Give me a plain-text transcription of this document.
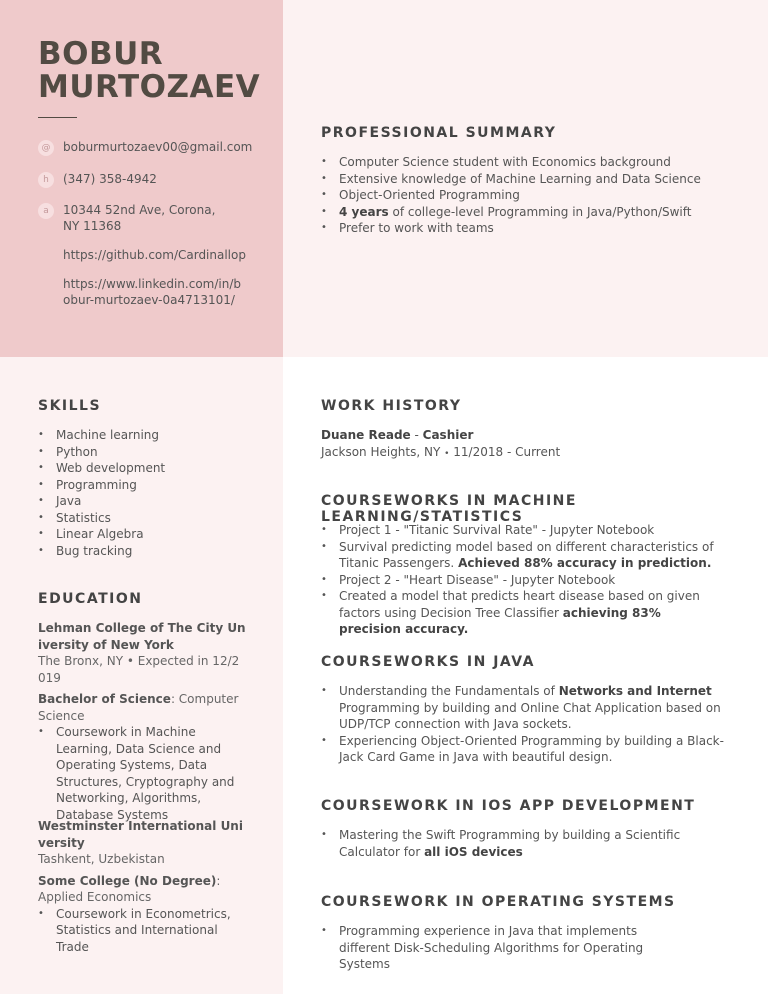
BOBUR
MURTOZAEV
@ boburmurtozaev00@gmail.com
h	(347) 358-4942
a	10344 52nd Ave, Corona, NY 11368
https://github.com/Cardinallop
https://www.linkedin.com/in/bobur-murtozaev-0a4713101/
PROFESSIONAL SUMMARY
• Computer Science student with Economics background
• Extensive knowledge of Machine Learning and Data Science
• Object-Oriented Programming
• 4 years of college-level Programming in Java/Python/Swift
• Prefer to work with teams
SKILLS
• Machine learning
• Python
• Web development
• Programming
• Java
• Statistics
• Linear Algebra
• Bug tracking
EDUCATION
Lehman College of The City University of New York
The Bronx, NY • Expected in 12/2019
Bachelor of Science: Computer Science
• Coursework in Machine Learning, Data Science and Operating Systems, Data Structures, Cryptography and Networking, Algorithms, Database Systems
Westminster International University
Tashkent, Uzbekistan
Some College (No Degree): Applied Economics
• Coursework in Econometrics, Statistics and International Trade
WORK HISTORY
Duane Reade - Cashier
Jackson Heights, NY • 11/2018 - Current
COURSEWORKS IN MACHINE LEARNING/STATISTICS
• Project 1 - "Titanic Survival Rate" - Jupyter Notebook
• Survival predicting model based on different characteristics of Titanic Passengers. Achieved 88% accuracy in prediction.
• Project 2 - "Heart Disease" - Jupyter Notebook
• Created a model that predicts heart disease based on given factors using Decision Tree Classifier achieving 83% precision accuracy.
COURSEWORKS IN JAVA
• Understanding the Fundamentals of Networks and Internet Programming by building and Online Chat Application based on UDP/TCP connection with Java sockets.
• Experiencing Object-Oriented Programming by building a Black-Jack Card Game in Java with beautiful design.
COURSEWORK IN IOS APP DEVELOPMENT
• Mastering the Swift Programming by building a Scientific Calculator for all iOS devices
COURSEWORK IN OPERATING SYSTEMS
• Programming experience in Java that implements different Disk-Scheduling Algorithms for Operating Systems
